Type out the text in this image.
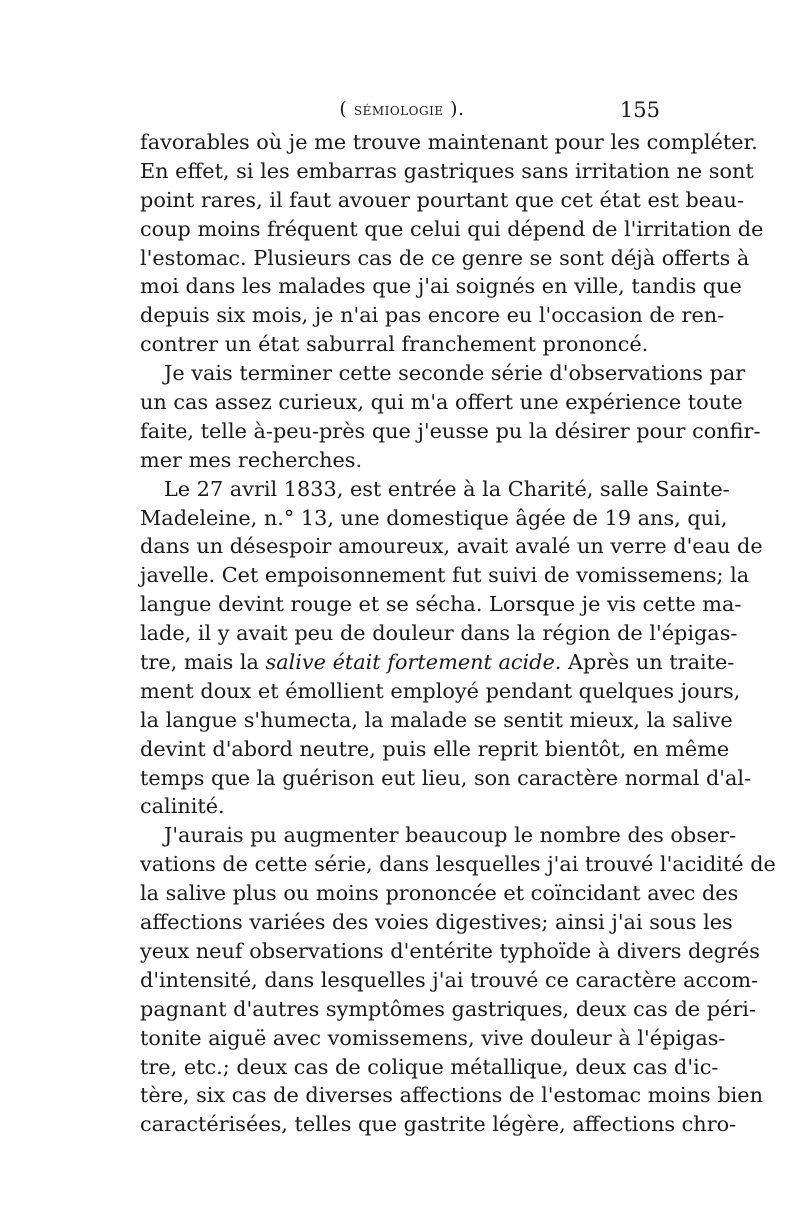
( sémiologie ).	155
favorables où je me trouve maintenant pour les compléter.
En effet, si les embarras gastriques sans irritation ne sont
point rares, il faut avouer pourtant que cet état est beau-
coup moins fréquent que celui qui dépend de l'irritation de
l'estomac. Plusieurs cas de ce genre se sont déjà offerts à
moi dans les malades que j'ai soignés en ville, tandis que
depuis six mois, je n'ai pas encore eu l'occasion de ren-
contrer un état saburral franchement prononcé.
Je vais terminer cette seconde série d'observations par
un cas assez curieux, qui m'a offert une expérience toute
faite, telle à-peu-près que j'eusse pu la désirer pour confir-
mer mes recherches.
Le 27 avril 1833, est entrée à la Charité, salle Sainte-
Madeleine, n.° 13, une domestique âgée de 19 ans, qui,
dans un désespoir amoureux, avait avalé un verre d'eau de
javelle. Cet empoisonnement fut suivi de vomissemens; la
langue devint rouge et se sécha. Lorsque je vis cette ma-
lade, il y avait peu de douleur dans la région de l'épigas-
tre, mais la salive était fortement acide. Après un traite-
ment doux et émollient employé pendant quelques jours,
la langue s'humecta, la malade se sentit mieux, la salive
devint d'abord neutre, puis elle reprit bientôt, en même
temps que la guérison eut lieu, son caractère normal d'al-
calinité.
J'aurais pu augmenter beaucoup le nombre des obser-
vations de cette série, dans lesquelles j'ai trouvé l'acidité de
la salive plus ou moins prononcée et coïncidant avec des
affections variées des voies digestives; ainsi j'ai sous les
yeux neuf observations d'entérite typhoïde à divers degrés
d'intensité, dans lesquelles j'ai trouvé ce caractère accom-
pagnant d'autres symptômes gastriques, deux cas de péri-
tonite aiguë avec vomissemens, vive douleur à l'épigas-
tre, etc.; deux cas de colique métallique, deux cas d'ic-
tère, six cas de diverses affections de l'estomac moins bien
caractérisées, telles que gastrite légère, affections chro-
